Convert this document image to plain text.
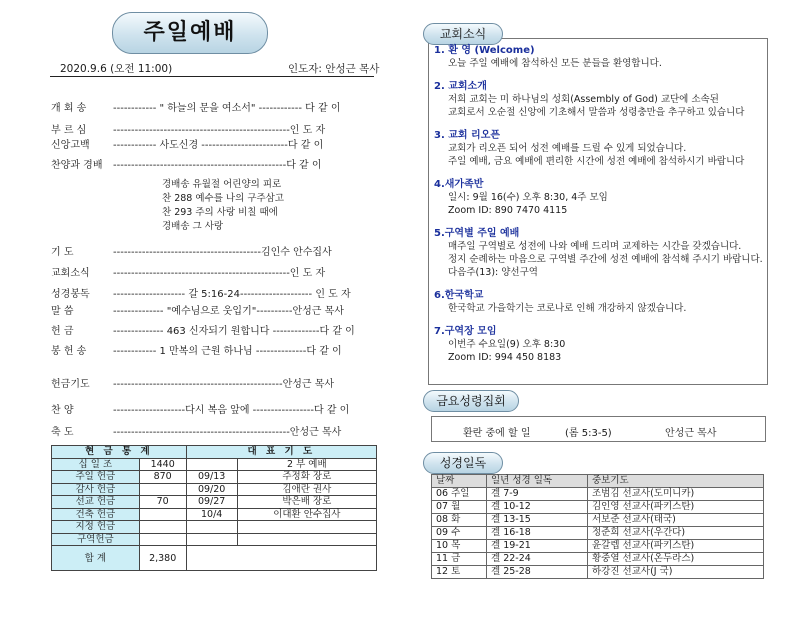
주일예배
2020.9.6 (오전 11:00)	인도자: 안성근 목사
개 회 송	------------ " 하늘의 문을 여소서" ------------ 다 같 이
부 르 심	-------------------------------------------------인 도 자
신앙고백 ------------ 사도신경 ------------------------다 같 이
찬양과 경배 ------------------------------------------------다 같 이
경배송 유월절 어린양의 피로
찬 288 예수를 나의 구주삼고
찬 293 주의 사랑 비칠 때에
경배송 그 사랑
기 도	-----------------------------------------김인수 안수집사
교회소식 -------------------------------------------------인 도 자
성경봉독 -------------------- 갈 5:16-24-------------------- 인 도 자
말 씀	-------------- "예수님으로 웃입기"----------안성근 목사
헌 금	-------------- 463 신자되기 원합니다 -------------다 같 이
봉 헌 송	------------ 1 만복의 근원 하나님 --------------다 같 이
헌금기도 -----------------------------------------------안성근 목사
찬 양	--------------------다시 복음 앞에 -----------------다 같 이
축 도	-------------------------------------------------안성근 목사
현 금 통 계		대 표 기 도	
십 일 조	1440		2 부 예배
주일 헌금	870	09/13	주정화 장로
감사 헌금		09/20	김애란 권사
선교 헌금	70	09/27	박은배 장로
건축 헌금		10/4	이대환 안수집사
지정 헌금			
구역헌금			
합 계	2,380		
교회소식
1. 환 영 (Welcome)
오늘 주일 예배에 참석하신 모든 분들을 환영합니다.
2. 교회소개
저희 교회는 미 하나님의 성회(Assembly of God) 교단에 소속된
교회로서 오순절 신앙에 기초해서 말씀과 성령충만을 추구하고 있습니다
3. 교회 리오픈
교회가 리오픈 되어 성전 예배를 드릴 수 있게 되었습니다.
주일 예배, 금요 예배에 편리한 시간에 성전 예배에 참석하시기 바랍니다
4.새가족반
일시: 9월 16(수) 오후 8:30, 4주 모임
Zoom ID: 890 7470 4115
5.구역별 주일 예배
매주일 구역별로 성전에 나와 예배 드리며 교제하는 시간을 갖겠습니다.
정지 순례하는 마음으로 구역별 주간에 성전 예배에 참석해 주시기 바랍니다.
다음주(13): 양선구역
6.한국학교
한국학교 가을학기는 코로나로 인해 개강하지 않겠습니다.
7.구역장 모임
이번주 수요일(9) 오후 8:30
Zoom ID: 994 450 8183
금요성령집회
환란 중에 할 일	(롬 5:3-5)	안성근 목사
성경일독
날짜	일년 성경 일독	중보기도
06 주일	겔 7-9	조범김 선교사(도미니카)
07 월	겔 10-12	김인영 선교사(파키스탄)
08 화	겔 13-15	서보준 선교사(태국)
09 수	겔 16-18	정준희 선교사(우간다)
10 목	겔 19-21	윤갈렙 선교사(파키스탄)
11 금	겔 22-24	황중열 선교사(온두라스)
12 토	겔 25-28	하강진 선교사(J 국)
